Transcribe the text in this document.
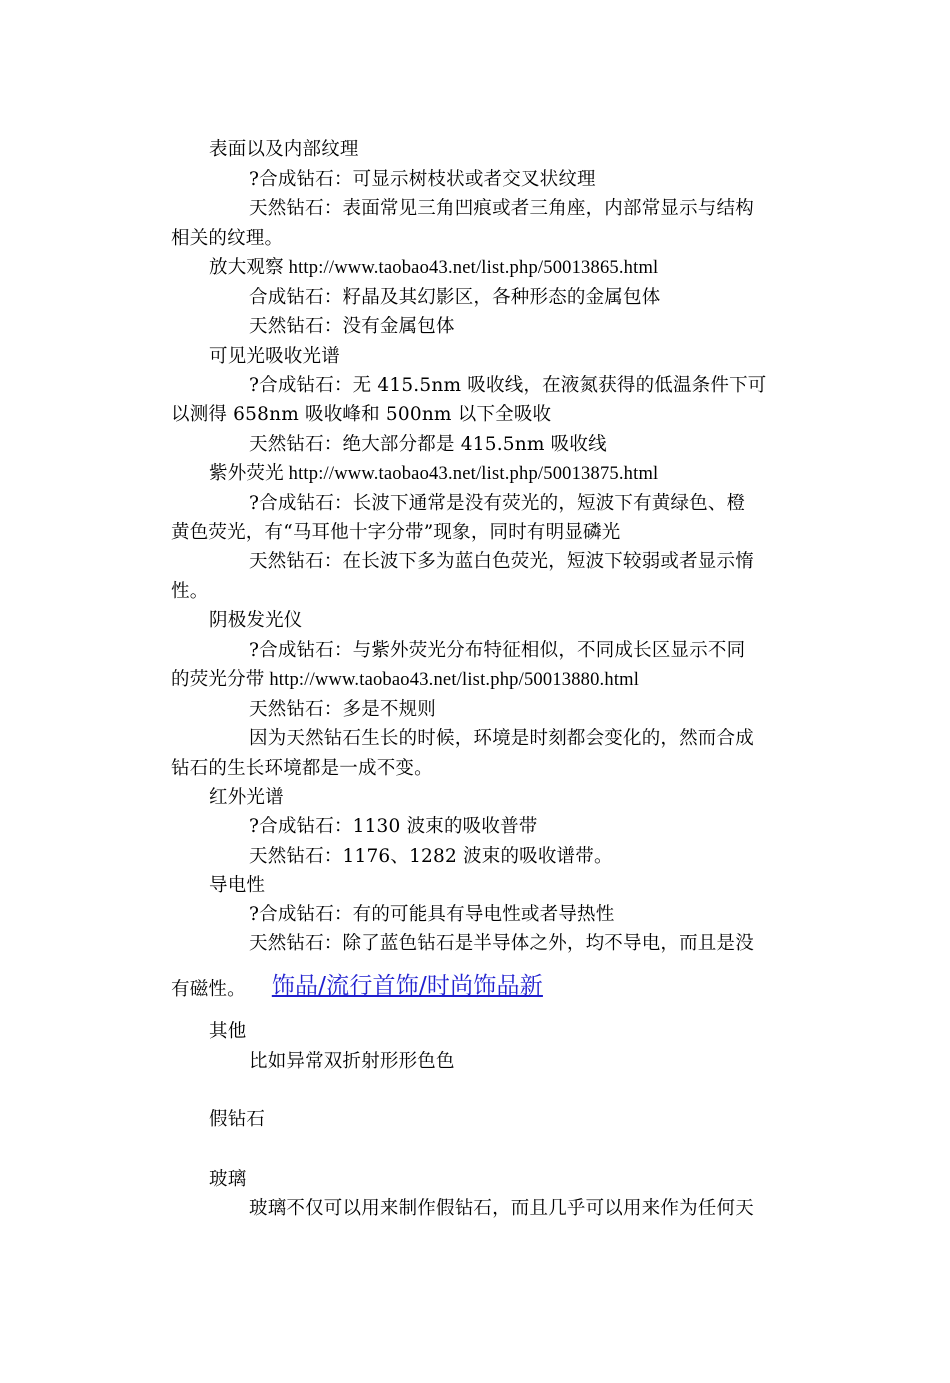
表面以及内部纹理
?合成钻石：可显示树枝状或者交叉状纹理
天然钻石：表面常见三角凹痕或者三角座，内部常显示与结构
相关的纹理。
放大观察 http://www.taobao43.net/list.php/50013865.html
合成钻石：籽晶及其幻影区，各种形态的金属包体
天然钻石：没有金属包体
可见光吸收光谱
?合成钻石：无 415.5nm 吸收线，在液氮获得的低温条件下可
以测得 658nm 吸收峰和 500nm 以下全吸收
天然钻石：绝大部分都是 415.5nm 吸收线
紫外荧光 http://www.taobao43.net/list.php/50013875.html
?合成钻石：长波下通常是没有荧光的，短波下有黄绿色、橙
黄色荧光，有“马耳他十字分带”现象，同时有明显磷光
天然钻石：在长波下多为蓝白色荧光，短波下较弱或者显示惰
性。
阴极发光仪
?合成钻石：与紫外荧光分布特征相似，不同成长区显示不同
的荧光分带 http://www.taobao43.net/list.php/50013880.html
天然钻石：多是不规则
因为天然钻石生长的时候，环境是时刻都会变化的，然而合成
钻石的生长环境都是一成不变。
红外光谱
?合成钻石：1130 波束的吸收普带
天然钻石：1176、1282 波束的吸收谱带。
导电性
?合成钻石：有的可能具有导电性或者导热性
天然钻石：除了蓝色钻石是半导体之外，均不导电，而且是没
有磁性。 饰品/流行首饰/时尚饰品新
其他
比如异常双折射形形色色
假钻石
玻璃
玻璃不仅可以用来制作假钻石，而且几乎可以用来作为任何天
